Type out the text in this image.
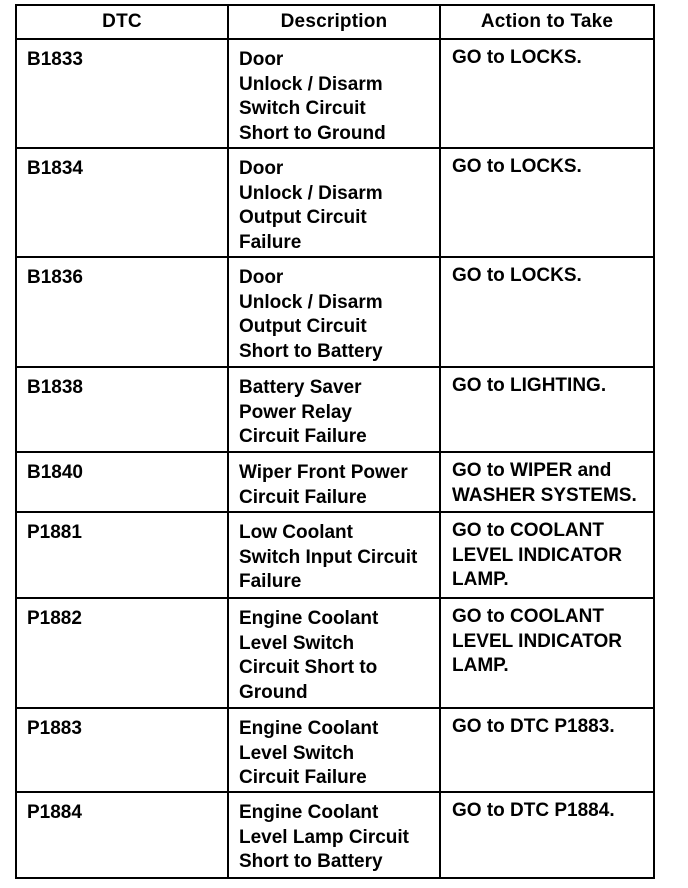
DTC	Description	Action to Take

B1833	Door
Unlock / Disarm
Switch Circuit
Short to Ground	GO to LOCKS.

B1834	Door
Unlock / Disarm
Output Circuit
Failure	GO to LOCKS.

B1836	Door
Unlock / Disarm
Output Circuit
Short to Battery	GO to LOCKS.

B1838	Battery Saver
Power Relay
Circuit Failure	GO to LIGHTING.

B1840	Wiper Front Power
Circuit Failure	GO to WIPER and
WASHER SYSTEMS.

P1881	Low Coolant
Switch Input Circuit
Failure	GO to COOLANT
LEVEL INDICATOR
LAMP.

P1882	Engine Coolant
Level Switch
Circuit Short to
Ground	GO to COOLANT
LEVEL INDICATOR
LAMP.

P1883	Engine Coolant
Level Switch
Circuit Failure	GO to DTC P1883.

P1884	Engine Coolant
Level Lamp Circuit
Short to Battery	GO to DTC P1884.
